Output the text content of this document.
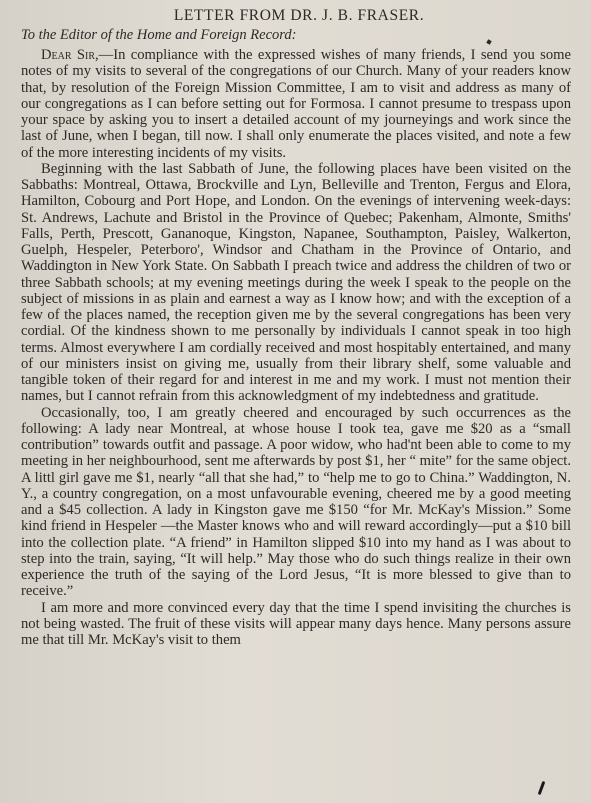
LETTER FROM DR. J. B. FRASER.

To the Editor of the Home and Foreign Record:

Dear Sir,—In compliance with the expressed wishes of many friends, I send you some notes of my visits to several of the congregations of our Church. Many of your readers know that, by resolution of the Foreign Mission Committee, I am to visit and address as many of our congregations as I can before setting out for Formosa. I cannot presume to trespass upon your space by asking you to insert a detailed account of my journeyings and work since the last of June, when I began, till now. I shall only enumerate the places visited, and note a few of the more interesting incidents of my visits.

Beginning with the last Sabbath of June, the following places have been visited on the Sabbaths: Montreal, Ottawa, Brockville and Lyn, Belleville and Trenton, Fergus and Elora, Hamilton, Cobourg and Port Hope, and London. On the evenings of intervening week-days: St. Andrews, Lachute and Bristol in the Province of Quebec; Pakenham, Almonte, Smiths' Falls, Perth, Prescott, Gananoque, Kingston, Napanee, Southampton, Paisley, Walkerton, Guelph, Hespeler, Peterboro', Windsor and Chatham in the Province of Ontario, and Waddington in New York State. On Sabbath I preach twice and address the children of two or three Sabbath schools; at my evening meetings during the week I speak to the people on the subject of missions in as plain and earnest a way as I know how; and with the exception of a few of the places named, the reception given me by the several congregations has been very cordial. Of the kindness shown to me personally by individuals I cannot speak in too high terms. Almost everywhere I am cordially received and most hospitably entertained, and many of our ministers insist on giving me, usually from their library shelf, some valuable and tangible token of their regard for and interest in me and my work. I must not mention their names, but I cannot refrain from this acknowledgment of my indebtedness and gratitude.

Occasionally, too, I am greatly cheered and encouraged by such occurrences as the following: A lady near Montreal, at whose house I took tea, gave me $20 as a “small contribution” towards outfit and passage. A poor widow, who had'nt been able to come to my meeting in her neighbourhood, sent me afterwards by post $1, her “ mite” for the same object. A littl girl gave me $1, nearly “all that she had,” to “help me to go to China.” Waddington, N. Y., a country congregation, on a most unfavourable evening, cheered me by a good meeting and a $45 collection. A lady in Kingston gave me $150 “for Mr. McKay's Mission.” Some kind friend in Hespeler —the Master knows who and will reward accordingly—put a $10 bill into the collection plate. “A friend” in Hamilton slipped $10 into my hand as I was about to step into the train, saying, “It will help.” May those who do such things realize in their own experience the truth of the saying of the Lord Jesus, “It is more blessed to give than to receive.”

I am more and more convinced every day that the time I spend invisiting the churches is not being wasted. The fruit of these visits will appear many days hence. Many persons assure me that till Mr. McKay's visit to them
